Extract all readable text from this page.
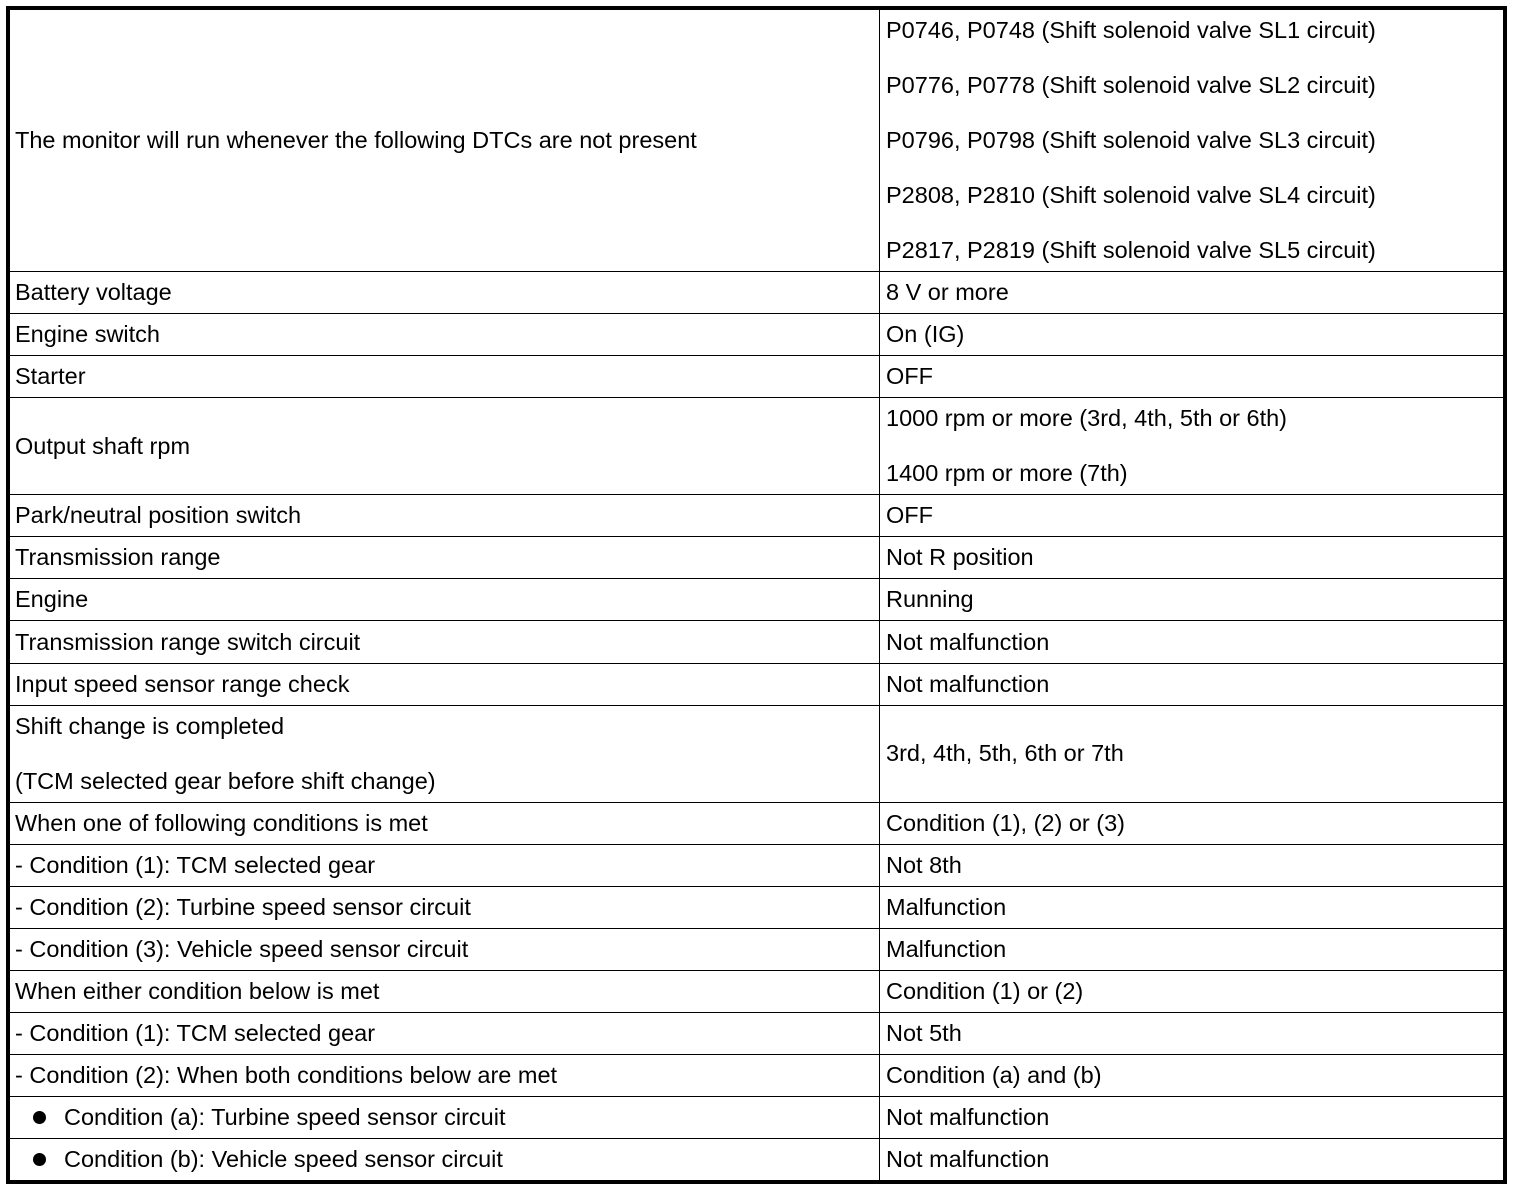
The monitor will run whenever the following DTCs are not present	P0746, P0748 (Shift solenoid valve SL1 circuit)
P0776, P0778 (Shift solenoid valve SL2 circuit)
P0796, P0798 (Shift solenoid valve SL3 circuit)
P2808, P2810 (Shift solenoid valve SL4 circuit)
P2817, P2819 (Shift solenoid valve SL5 circuit)

Battery voltage	8 V or more

Engine switch	On (IG)

Starter	OFF

Output shaft rpm	1000 rpm or more (3rd, 4th, 5th or 6th)
1400 rpm or more (7th)

Park/neutral position switch	OFF

Transmission range	Not R position

Engine	Running

Transmission range switch circuit	Not malfunction

Input speed sensor range check	Not malfunction

Shift change is completed
(TCM selected gear before shift change)	3rd, 4th, 5th, 6th or 7th

When one of following conditions is met	Condition (1), (2) or (3)

- Condition (1): TCM selected gear	Not 8th

- Condition (2): Turbine speed sensor circuit	Malfunction

- Condition (3): Vehicle speed sensor circuit	Malfunction

When either condition below is met	Condition (1) or (2)

- Condition (1): TCM selected gear	Not 5th

- Condition (2): When both conditions below are met	Condition (a) and (b)

Condition (a): Turbine speed sensor circuit	Not malfunction

Condition (b): Vehicle speed sensor circuit	Not malfunction
